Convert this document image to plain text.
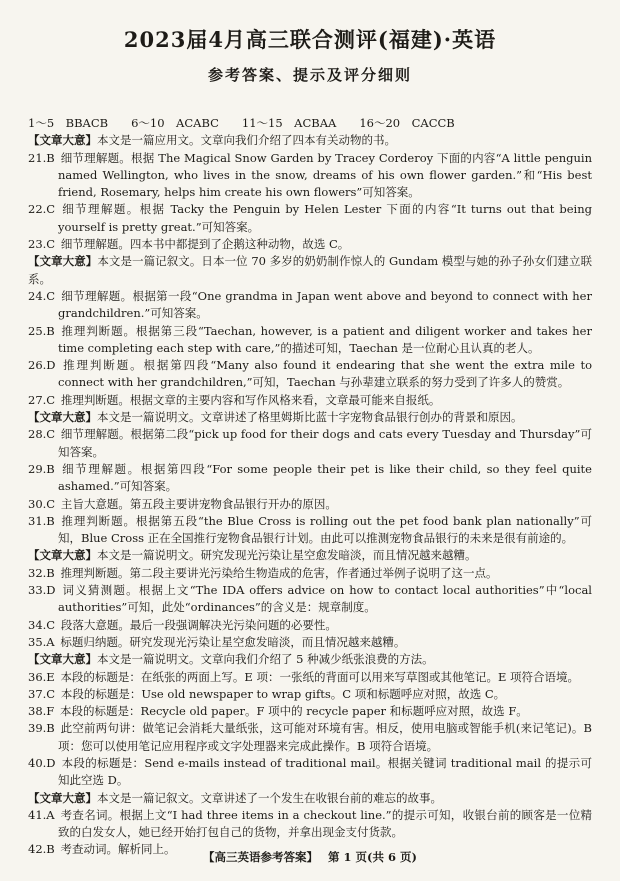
2023届4月高三联合测评(福建)·英语
参考答案、提示及评分细则

1～5　BBACB　　6～10　ACABC　　11～15　ACBAA　　16～20　CACCB

【文章大意】本文是一篇应用文。文章向我们介绍了四本有关动物的书。

21.B 细节理解题。根据 The Magical Snow Garden by Tracey Corderoy 下面的内容“A little penguin named Wellington, who lives in the snow, dreams of his own flower garden.”和“His best friend, Rosemary, helps him create his own flowers”可知答案。

22.C 细节理解题。根据 Tacky the Penguin by Helen Lester 下面的内容“It turns out that being yourself is pretty great.”可知答案。

23.C 细节理解题。四本书中都提到了企鹅这种动物，故选 C。

【文章大意】本文是一篇记叙文。日本一位 70 多岁的奶奶制作惊人的 Gundam 模型与她的孙子孙女们建立联系。

24.C 细节理解题。根据第一段“One grandma in Japan went above and beyond to connect with her grandchildren.”可知答案。

25.B 推理判断题。根据第三段“Taechan, however, is a patient and diligent worker and takes her time completing each step with care,”的描述可知，Taechan 是一位耐心且认真的老人。

26.D 推理判断题。根据第四段“Many also found it endearing that she went the extra mile to connect with her grandchildren,”可知，Taechan 与孙辈建立联系的努力受到了许多人的赞赏。

27.C 推理判断题。根据文章的主要内容和写作风格来看，文章最可能来自报纸。

【文章大意】本文是一篇说明文。文章讲述了格里姆斯比蓝十字宠物食品银行创办的背景和原因。

28.C 细节理解题。根据第二段“pick up food for their dogs and cats every Tuesday and Thursday”可知答案。

29.B 细节理解题。根据第四段“For some people their pet is like their child, so they feel quite ashamed.”可知答案。

30.C 主旨大意题。第五段主要讲宠物食品银行开办的原因。

31.B 推理判断题。根据第五段“the Blue Cross is rolling out the pet food bank plan nationally”可知，Blue Cross 正在全国推行宠物食品银行计划。由此可以推测宠物食品银行的未来是很有前途的。

【文章大意】本文是一篇说明文。研究发现光污染让星空愈发暗淡，而且情况越来越糟。

32.B 推理判断题。第二段主要讲光污染给生物造成的危害，作者通过举例子说明了这一点。

33.D 词义猜测题。根据上文“The IDA offers advice on how to contact local authorities”中“local authorities”可知，此处“ordinances”的含义是：规章制度。

34.C 段落大意题。最后一段强调解决光污染问题的必要性。

35.A 标题归纳题。研究发现光污染让星空愈发暗淡，而且情况越来越糟。

【文章大意】本文是一篇说明文。文章向我们介绍了 5 种减少纸张浪费的方法。

36.E 本段的标题是：在纸张的两面上写。E 项：一张纸的背面可以用来写草图或其他笔记。E 项符合语境。

37.C 本段的标题是：Use old newspaper to wrap gifts。C 项和标题呼应对照，故选 C。

38.F 本段的标题是：Recycle old paper。F 项中的 recycle paper 和标题呼应对照，故选 F。

39.B 此空前两句讲：做笔记会消耗大量纸张，这可能对环境有害。相反，使用电脑或智能手机(来记笔记)。B项：您可以使用笔记应用程序或文字处理器来完成此操作。B 项符合语境。

40.D 本段的标题是：Send e-mails instead of traditional mail。根据关键词 traditional mail 的提示可知此空选 D。

【文章大意】本文是一篇记叙文。文章讲述了一个发生在收银台前的难忘的故事。

41.A 考查名词。根据上文“I had three items in a checkout line.”的提示可知，收银台前的顾客是一位精致的白发女人，她已经开始打包自己的货物，并拿出现金支付货款。

42.B 考查动词。解析同上。

【高三英语参考答案】 第 1 页(共 6 页)
